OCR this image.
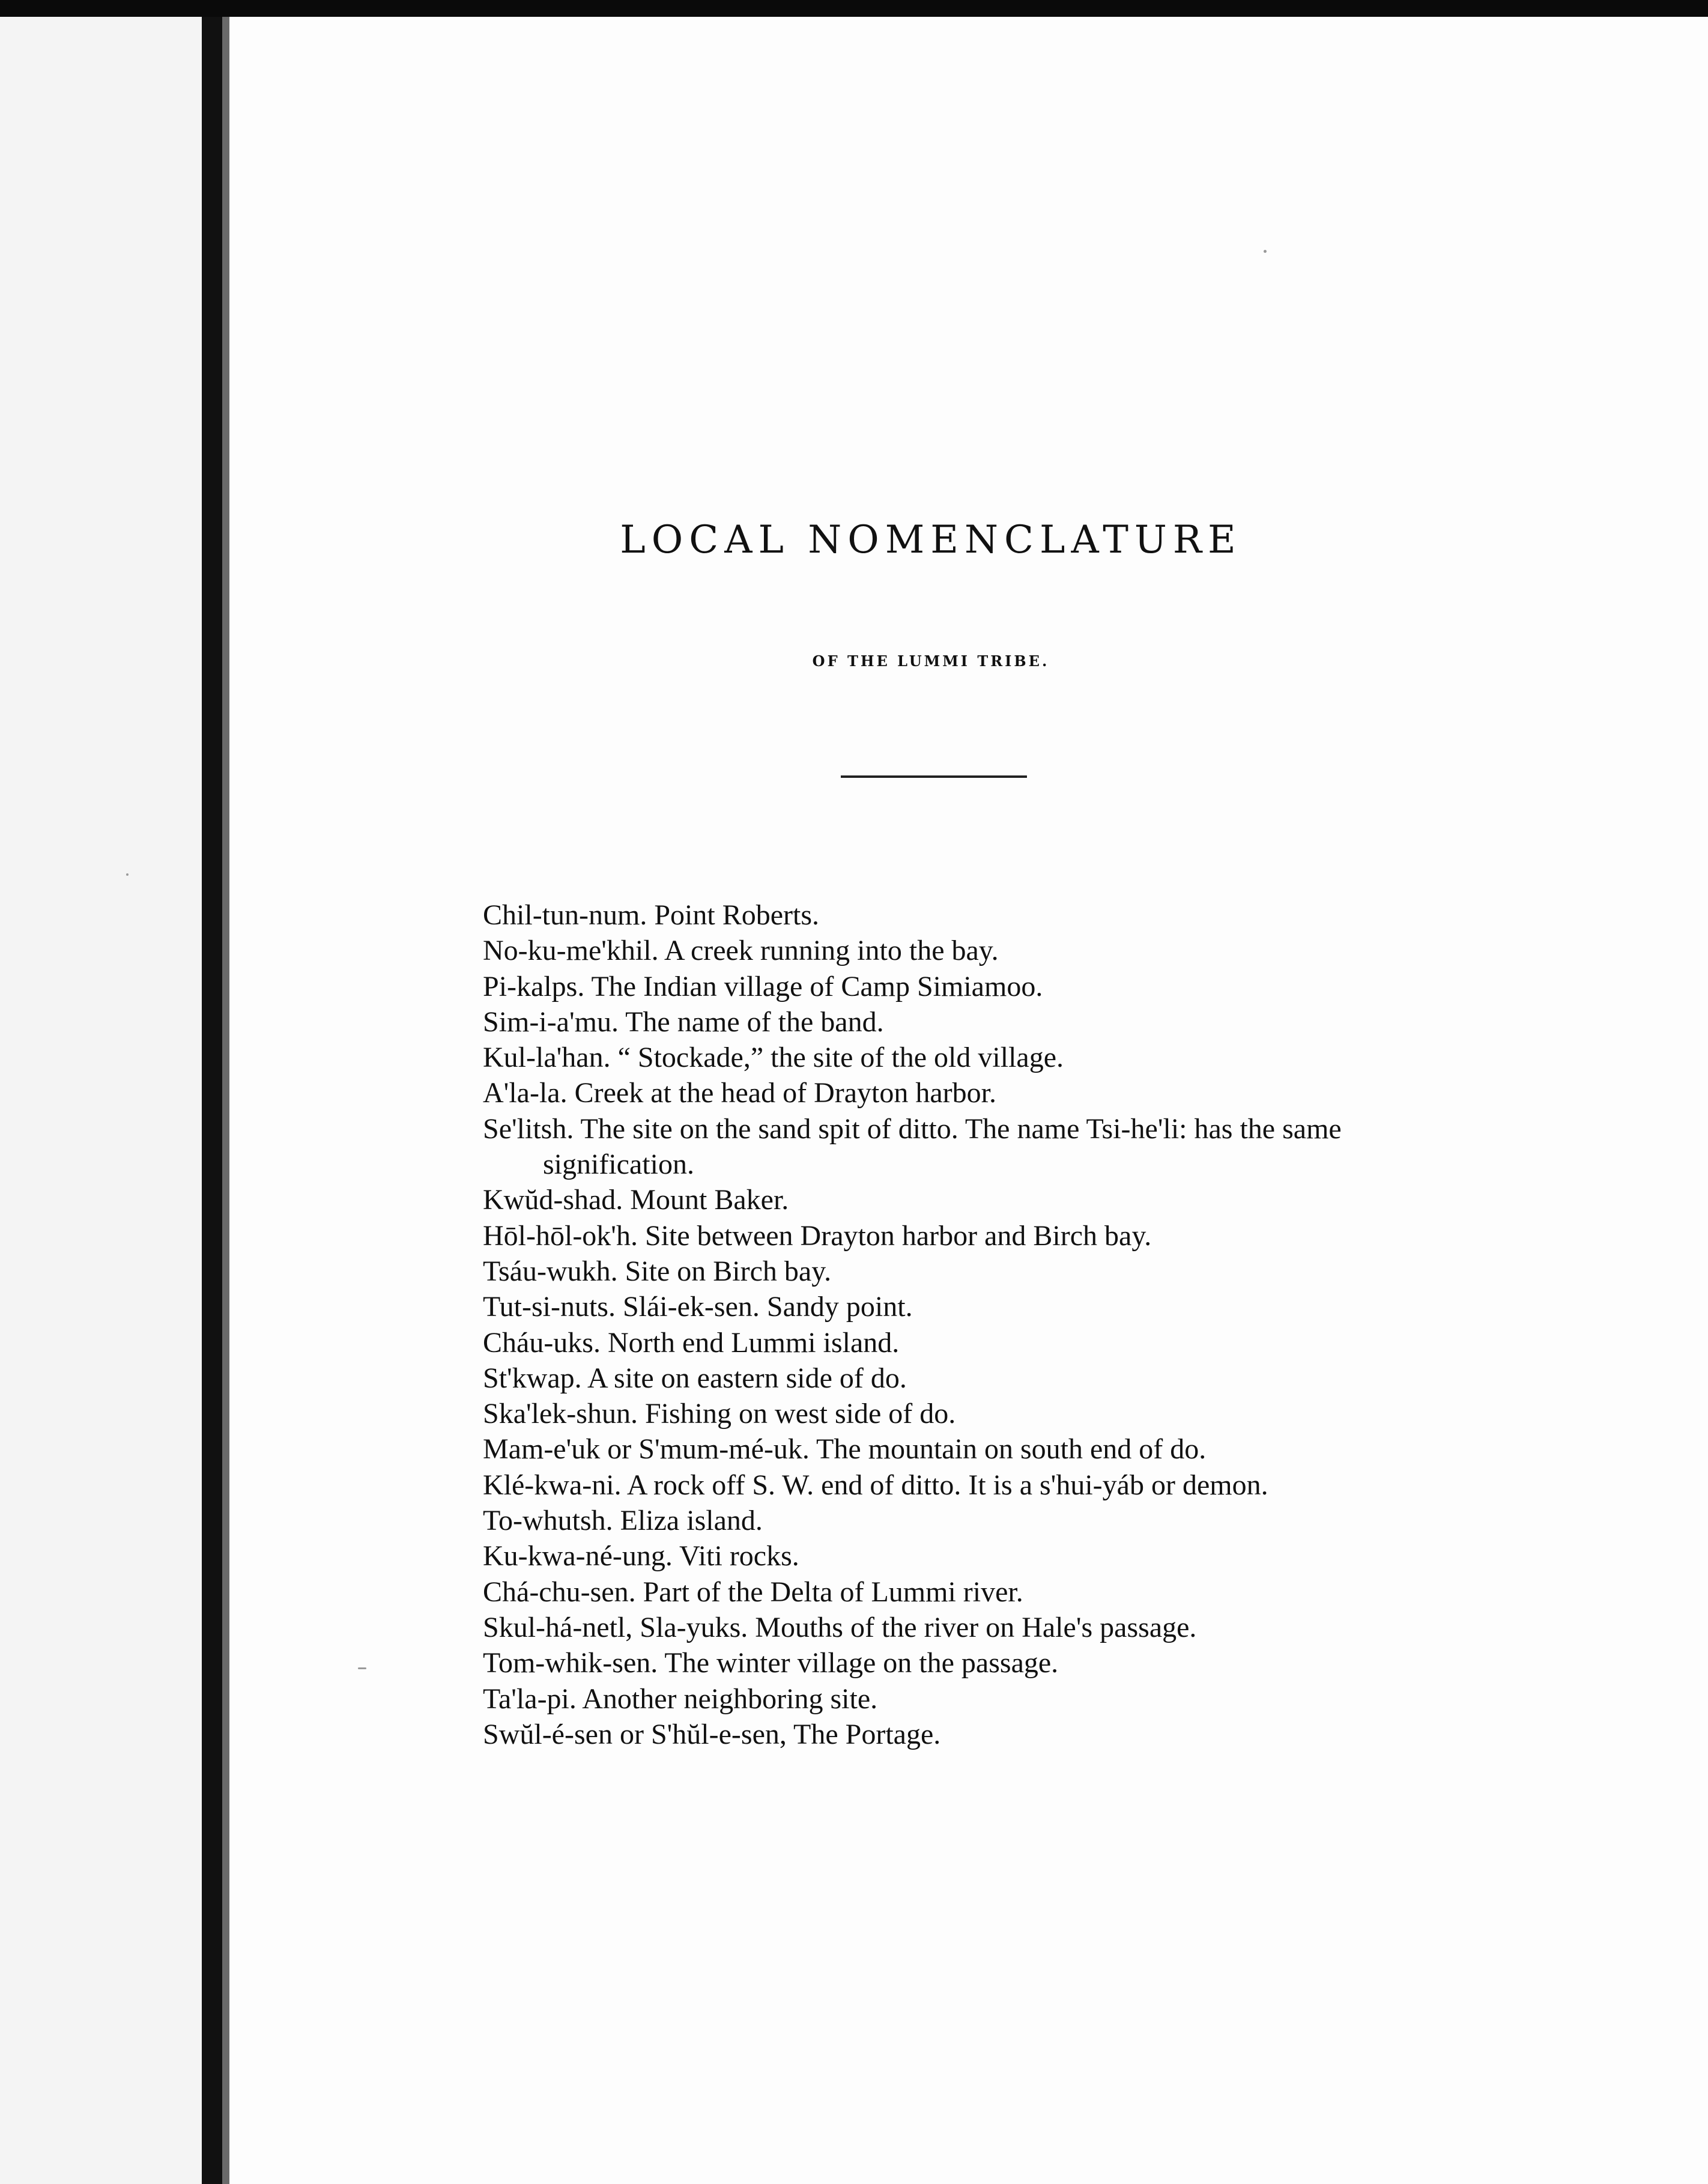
LOCAL NOMENCLATURE
OF THE LUMMI TRIBE.

Chil-tun-num. Point Roberts.

No-ku-me'khil. A creek running into the bay.

Pi-kalps. The Indian village of Camp Simiamoo.

Sim-i-a'mu. The name of the band.

Kul-la'han. “ Stockade,” the site of the old village.

A'la-la. Creek at the head of Drayton harbor.

Se'litsh. The site on the sand spit of ditto. The name Tsi-he'li: has the same signification.

Kwŭd-shad. Mount Baker.

Hōl-hōl-ok'h. Site between Drayton harbor and Birch bay.

Tsáu-wukh. Site on Birch bay.

Tut-si-nuts. Slái-ek-sen. Sandy point.

Cháu-uks. North end Lummi island.

St'kwap. A site on eastern side of do.

Ska'lek-shun. Fishing on west side of do.

Mam-e'uk or S'mum-mé-uk. The mountain on south end of do.

Klé-kwa-ni. A rock off S. W. end of ditto. It is a s'hui-yáb or demon.

To-whutsh. Eliza island.

Ku-kwa-né-ung. Viti rocks.

Chá-chu-sen. Part of the Delta of Lummi river.

Skul-há-netl, Sla-yuks. Mouths of the river on Hale's passage.

Tom-whik-sen. The winter village on the passage.

Ta'la-pi. Another neighboring site.

Swŭl-é-sen or S'hŭl-e-sen, The Portage.
